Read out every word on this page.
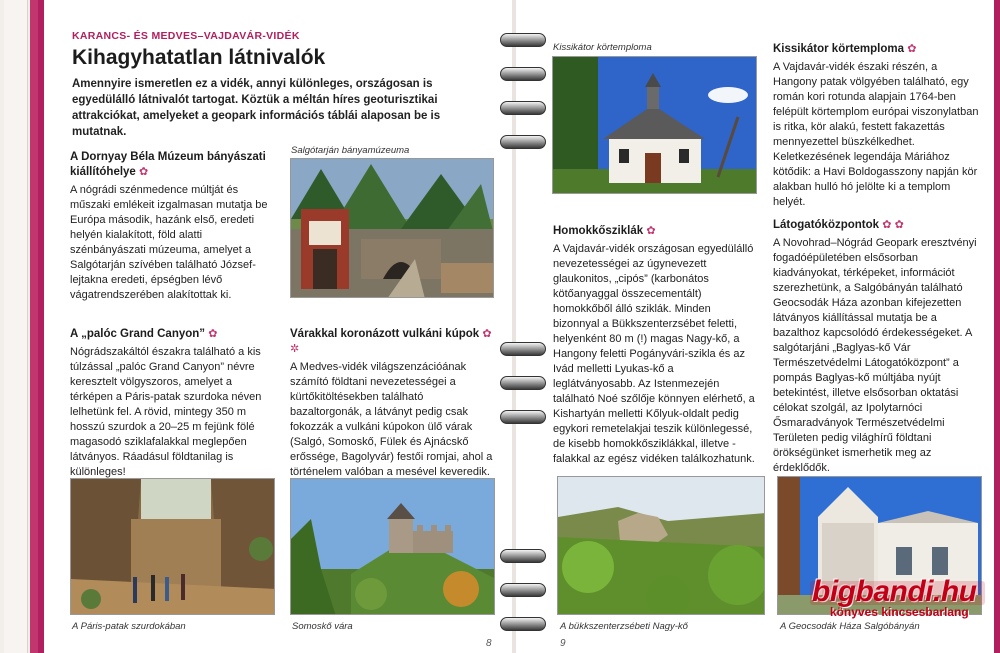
KARANCS- ÉS MEDVES–VAJDAVÁR-VIDÉK
Kihagyhatatlan látnivalók
Amennyire ismeretlen ez a vidék, annyi különleges, országosan is egyedülálló látnivalót tartogat. Köztük a méltán híres geoturisztikai attrakciókat, amelyeket a geopark információs táblái alaposan be is mutatnak.
A Dornyay Béla Múzeum bányászati kiállítóhelye ✿
A nógrádi szénmedence múltját és műszaki emlékeit izgalmasan mutatja be Európa második, hazánk első, eredeti helyén kialakított, föld alatti szénbányászati múzeuma, amelyet a Salgótarján szívében található József-lejtakna eredeti, épségben lévő vágatrendszerében alakítottak ki.
Salgótarján bányamúzeuma
A „palóc Grand Canyon” ✿
Nógrádszakáltól északra található a kis túlzással „palóc Grand Canyon” névre keresztelt völgyszoros, amelyet a térképen a Páris-patak szurdoka néven lelhetünk fel. A rövid, mintegy 350 m hosszú szurdok a 20–25 m fejünk fölé magasodó sziklafalakkal meglepően látványos. Ráadásul földtanilag is különleges!
Várakkal koronázott vulkáni kúpok ✿ ✲
A Medves-vidék világszenzációának számító földtani nevezetességei a kürtőkitöltésekben található bazaltorgonák, a látványt pedig csak fokozzák a vulkáni kúpokon ülő várak (Salgó, Somoskő, Fülek és Ajnácskő erőssége, Bagolyvár) festői romjai, ahol a történelem valóban a mesével keveredik.
A Páris-patak szurdokában	Somoskő vára
8
Kissikátor körtemploma	Kissikátor körtemploma ✿
A Vajdavár-vidék északi részén, a Hangony patak völgyében található, egy román kori rotunda alapjain 1764-ben felépült körtemplom európai viszonylatban is ritka, kör alakú, festett fakazettás mennyezettel büszkélkedhet. Keletkezésének legendája Máriához kötődik: a Havi Boldogasszony napján kör alakban hulló hó jelölte ki a templom helyét.
Homokkősziklák ✿
A Vajdavár-vidék országosan egyedülálló nevezetességei az úgynevezett glaukonitos, „cipós” (karbonátos kötőanyaggal összecementált) homokkőből álló sziklák. Minden bizonnyal a Bükkszenterzsébet feletti, helyenként 80 m (!) magas Nagy-kő, a Hangony feletti Pogányvári-szikla és az Ivád melletti Lyukas-kő a leglátványosabb. Az Istenmezején található Noé szőlője könnyen elérhető, a Kishartyán melletti Kőlyuk-oldalt pedig egykori remetelakjai teszik különlegessé, de kisebb homokkősziklákkal, illetve -falakkal az egész vidéken találkozhatunk.
Látogatóközpontok ✿ ✿
A Novohrad–Nógrád Geopark eresztvényi fogadóépületében elsősorban kiadványokat, térképeket, információt szerezhetünk, a Salgóbányán található Geocsodák Háza azonban kifejezetten látványos kiállítással mutatja be a bazalthoz kapcsolódó érdekességeket. A salgótarjáni „Baglyas-kő Vár Természetvédelmi Látogatóközpont” a pompás Baglyas-kő múltjába nyújt betekintést, illetve elsősorban oktatási célokat szolgál, az Ipolytarnóci Ősmaradványok Természetvédelmi Területen pedig világhírű földtani örökségünket ismerhetik meg az érdeklődők.
A bükkszenterzsébeti Nagy-kő	A Geocsodák Háza Salgóbányán
9
bigbandi.hu
könyves kincsesbarlang
